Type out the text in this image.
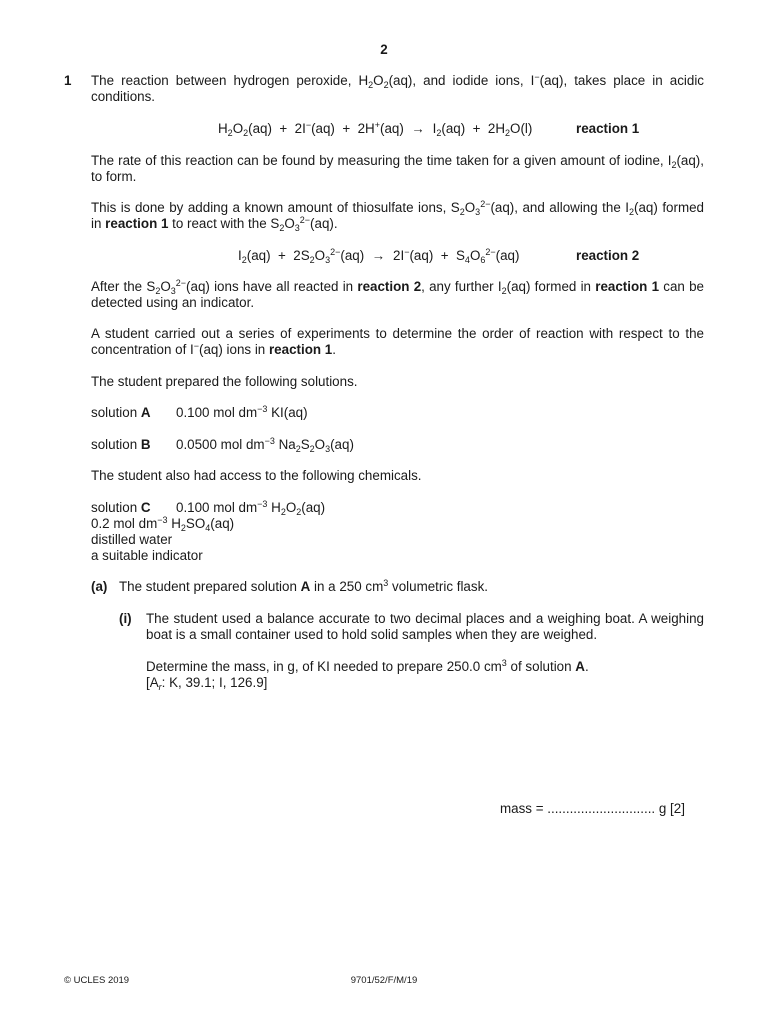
2
1 The reaction between hydrogen peroxide, $H_2O_2(aq)$, and iodide ions, I−(aq), takes place in acidic conditions.
$H_2O_2(aq) + 2I^-(aq) + 2H^+(aq) \to I_2(aq) + 2H_2O(l)$	reaction 1
The rate of this reaction can be found by measuring the time taken for a given amount of iodine, $I_2(aq)$, to form.
This is done by adding a known amount of thiosulfate ions, $S_2O_3^{2-}(aq)$, and allowing the $I_2(aq)$ formed in reaction 1 to react with the $S_2O_3^{2-}(aq)$.
$I_2(aq) + 2S_2O_3^{2-}(aq) \to 2I^-(aq) + S_4O_6^{2-}(aq)$	reaction 2
After the $S_2O_3^{2-}(aq)$ ions have all reacted in reaction 2, any further $I_2(aq)$ formed in reaction 1 can be detected using an indicator.
A student carried out a series of experiments to determine the order of reaction with respect to the concentration of I−(aq) ions in reaction 1.
The student prepared the following solutions.
solution A 0.100 mol $dm^{-3}$ KI(aq)
solution B 0.0500 mol $dm^{-3}$ $Na_2S_2O_3(aq)$
The student also had access to the following chemicals.
solution C 0.100 mol $dm^{-3}$ $H_2O_2(aq)$
0.2 mol $dm^{-3}$ $H_2SO_4(aq)$
distilled water
a suitable indicator
(a) The student prepared solution A in a 250 $cm^3$ volumetric flask.
(i) The student used a balance accurate to two decimal places and a weighing boat. A weighing boat is a small container used to hold solid samples when they are weighed.
Determine the mass, in g, of KI needed to prepare 250.0 $cm^3$ of solution A.
[$A_r$: K, 39.1; I, 126.9]
mass = ............................. g [2]
© UCLES 2019	9701/52/F/M/19
